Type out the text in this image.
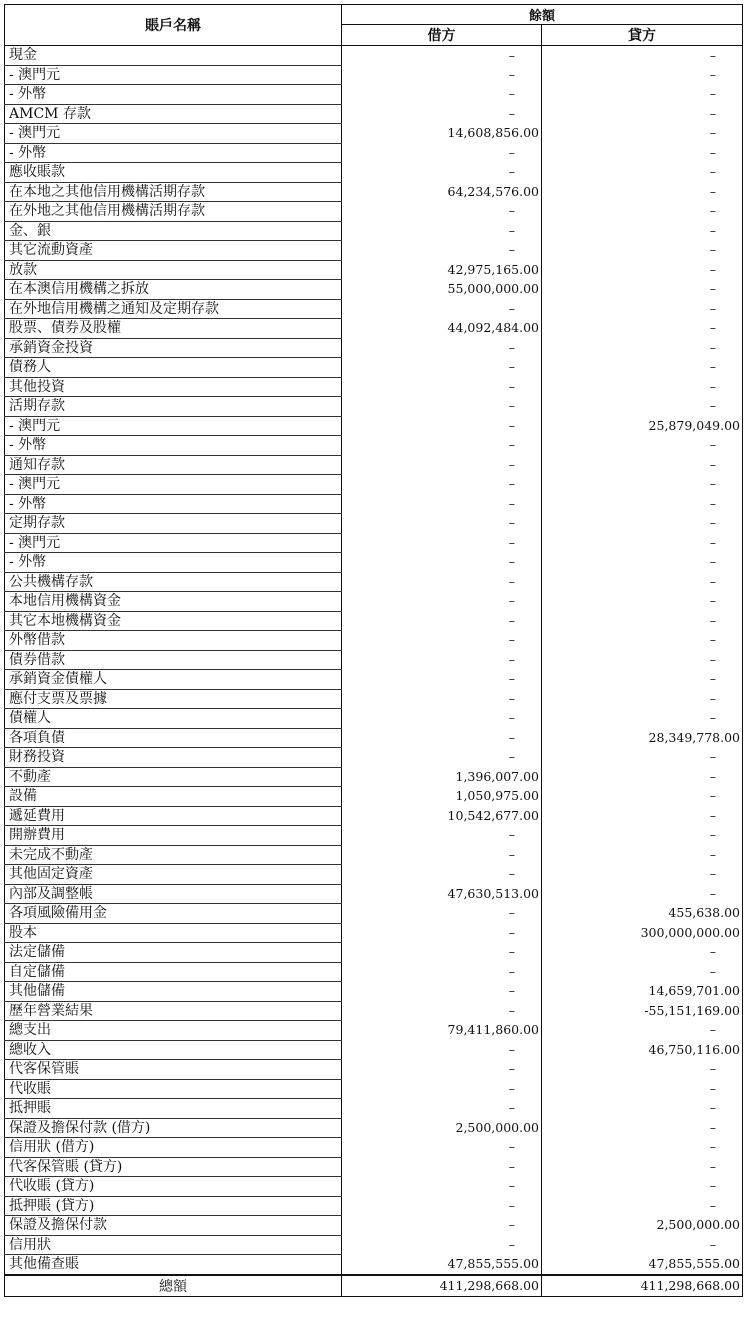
賬戶名稱	餘額	
	借方	貸方
現金	–	–
- 澳門元	–	–
- 外幣	–	–
AMCM 存款	–	–
- 澳門元	14,608,856.00	–
- 外幣	–	–
應收賬款	–	–
在本地之其他信用機構活期存款	64,234,576.00	–
在外地之其他信用機構活期存款	–	–
金、銀	–	–
其它流動資產	–	–
放款	42,975,165.00	–
在本澳信用機構之拆放	55,000,000.00	–
在外地信用機構之通知及定期存款	–	–
股票、債券及股權	44,092,484.00	–
承銷資金投資	–	–
債務人	–	–
其他投資	–	–
活期存款	–	–
- 澳門元	–	25,879,049.00
- 外幣	–	–
通知存款	–	–
- 澳門元	–	–
- 外幣	–	–
定期存款	–	–
- 澳門元	–	–
- 外幣	–	–
公共機構存款	–	–
本地信用機構資金	–	–
其它本地機構資金	–	–
外幣借款	–	–
債券借款	–	–
承銷資金債權人	–	–
應付支票及票據	–	–
債權人	–	–
各項負債	–	28,349,778.00
財務投資	–	–
不動產	1,396,007.00	–
設備	1,050,975.00	–
遞延費用	10,542,677.00	–
開辦費用	–	–
未完成不動產	–	–
其他固定資產	–	–
內部及調整帳	47,630,513.00	–
各項風險備用金	–	455,638.00
股本	–	300,000,000.00
法定儲備	–	–
自定儲備	–	–
其他儲備	–	14,659,701.00
歷年營業結果	–	-55,151,169.00
總支出	79,411,860.00	–
總收入	–	46,750,116.00
代客保管賬	–	–
代收賬	–	–
抵押賬	–	–
保證及擔保付款 (借方)	2,500,000.00	–
信用狀 (借方)	–	–
代客保管賬 (貸方)	–	–
代收賬 (貸方)	–	–
抵押賬 (貸方)	–	–
保證及擔保付款	–	2,500,000.00
信用狀	–	–
其他備查賬	47,855,555.00	47,855,555.00
總額	411,298,668.00	411,298,668.00
